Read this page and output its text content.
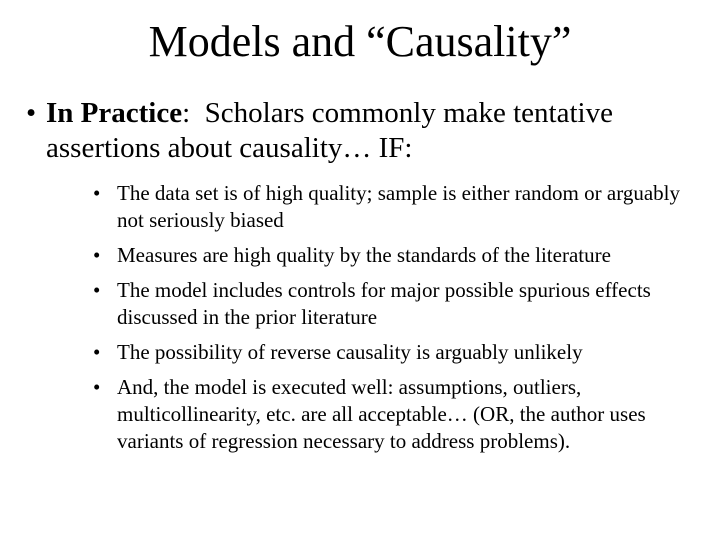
Models and “Causality”
• In Practice:  Scholars commonly make tentative assertions about causality… IF:
• The data set is of high quality; sample is either random or arguably not seriously biased
• Measures are high quality by the standards of the literature
• The model includes controls for major possible spurious effects discussed in the prior literature
• The possibility of reverse causality is arguably unlikely
• And, the model is executed well: assumptions, outliers, multicollinearity, etc. are all acceptable… (OR, the author uses variants of regression necessary to address problems).
